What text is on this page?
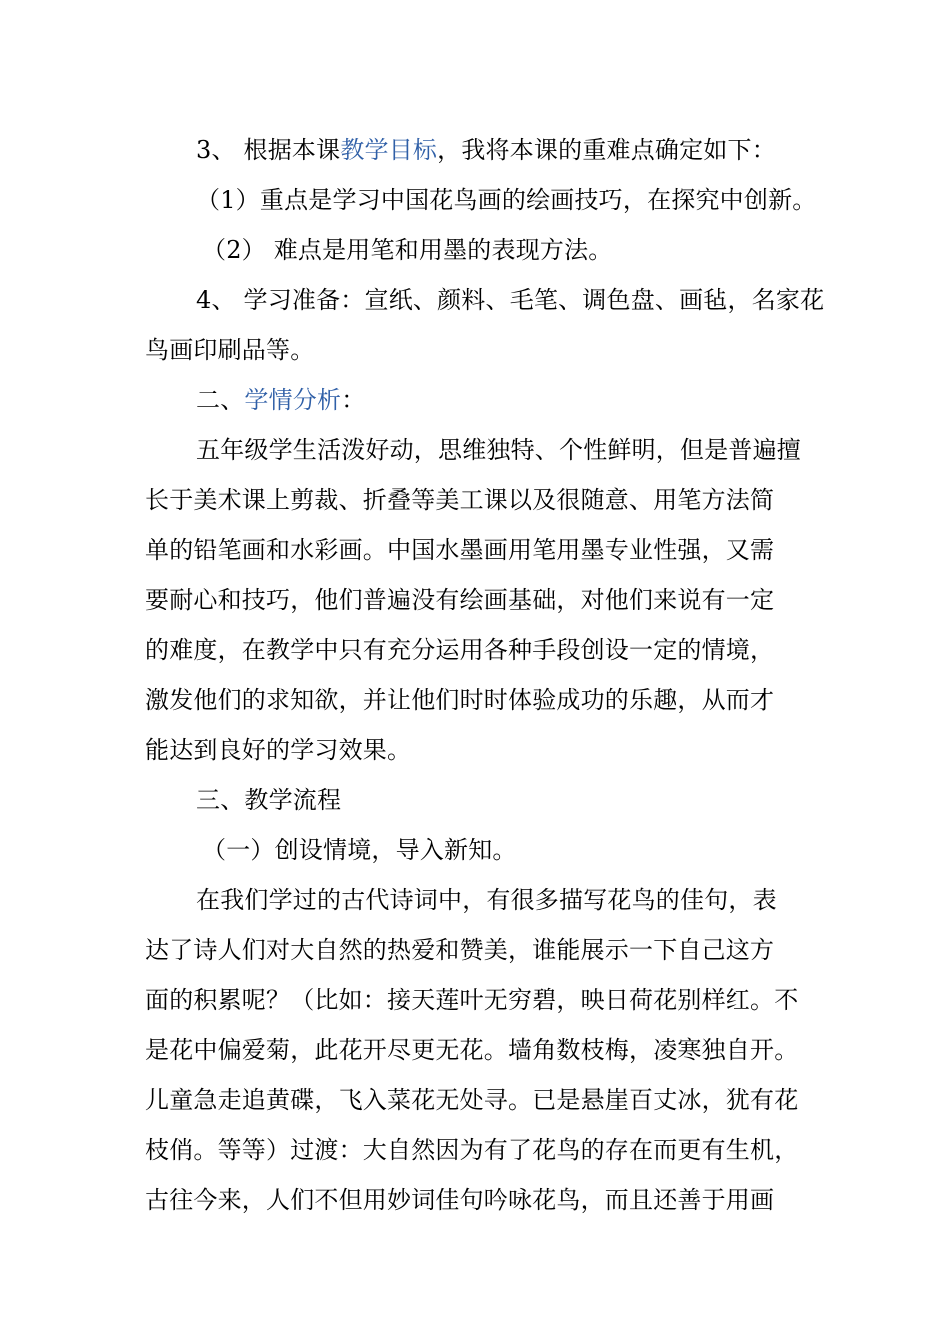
3、 根据本课教学目标，我将本课的重难点确定如下：
（1）重点是学习中国花鸟画的绘画技巧，在探究中创新。
（2） 难点是用笔和用墨的表现方法。
4、 学习准备：宣纸、颜料、毛笔、调色盘、画毡，名家花
鸟画印刷品等。
二、学情分析：
五年级学生活泼好动，思维独特、个性鲜明，但是普遍擅
长于美术课上剪裁、折叠等美工课以及很随意、用笔方法简
单的铅笔画和水彩画。中国水墨画用笔用墨专业性强，又需
要耐心和技巧，他们普遍没有绘画基础，对他们来说有一定
的难度，在教学中只有充分运用各种手段创设一定的情境，
激发他们的求知欲，并让他们时时体验成功的乐趣，从而才
能达到良好的学习效果。
三、教学流程
（一）创设情境，导入新知。
在我们学过的古代诗词中，有很多描写花鸟的佳句，表
达了诗人们对大自然的热爱和赞美，谁能展示一下自己这方
面的积累呢？（比如：接天莲叶无穷碧，映日荷花别样红。不
是花中偏爱菊，此花开尽更无花。墙角数枝梅，凌寒独自开。
儿童急走追黄碟，飞入菜花无处寻。已是悬崖百丈冰，犹有花
枝俏。等等）过渡：大自然因为有了花鸟的存在而更有生机，
古往今来，人们不但用妙词佳句吟咏花鸟，而且还善于用画
